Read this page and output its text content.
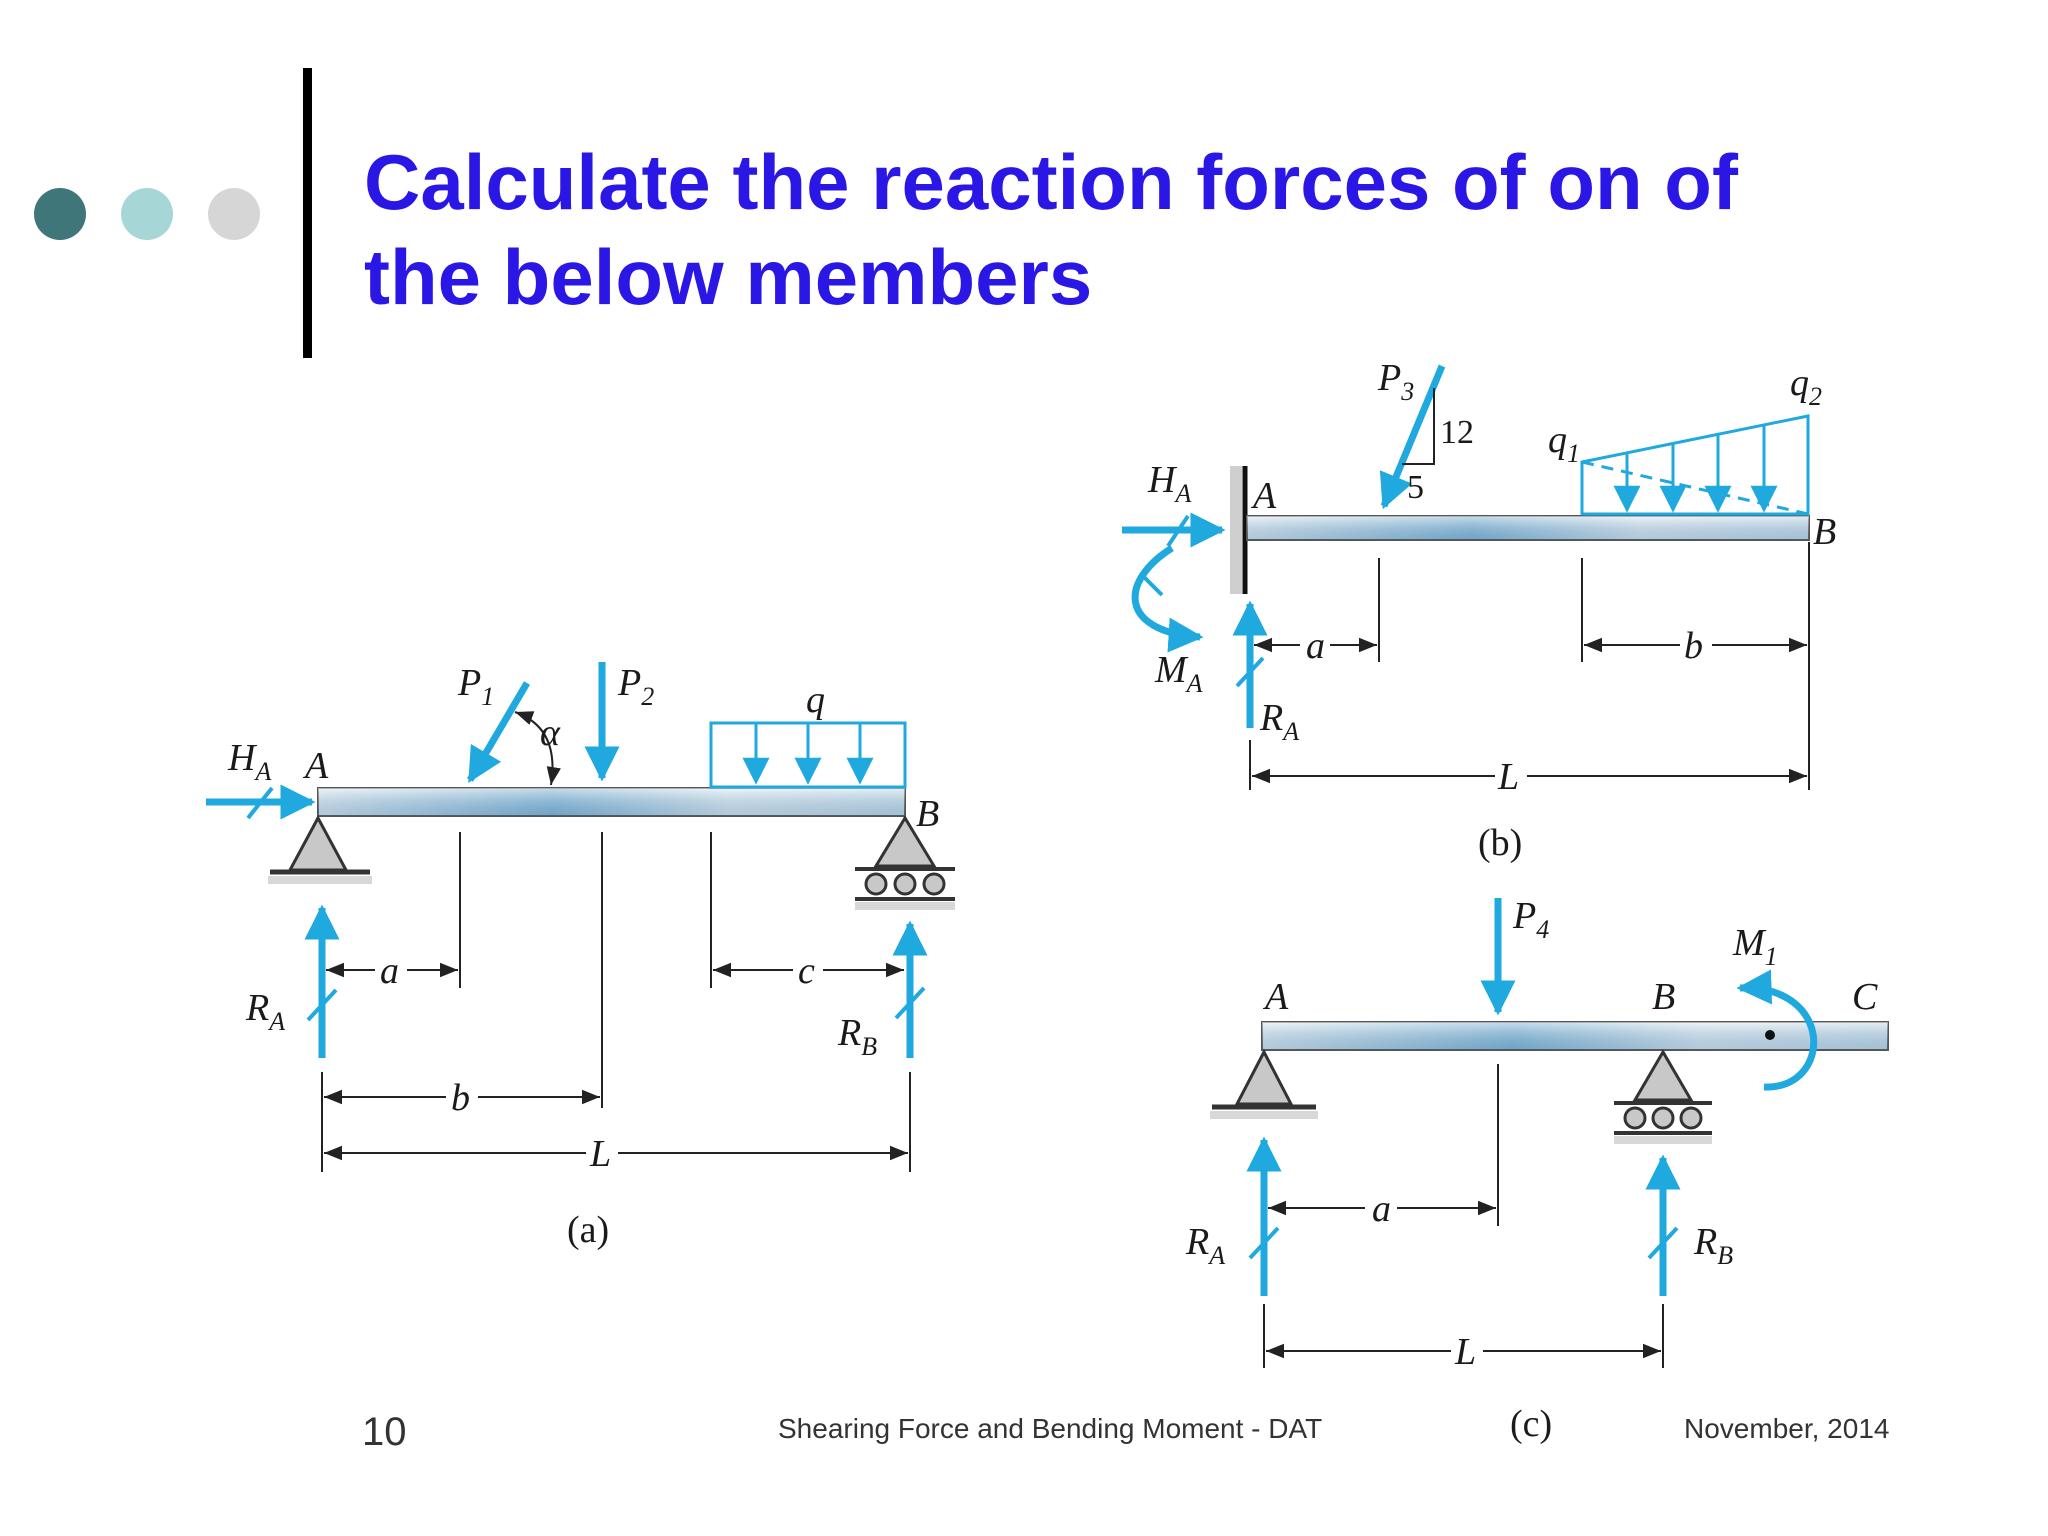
Calculate the reaction forces of on of
the below members
$H_A$ A
B
$P_1$	$P_2$
α
q
a	c
b
L
$R_A$	$R_B$
(a)
$H_A$ A
B
$M_A$
$R_A$
$P_3$
12
5
$q_1$
$q_2$
a	b
L
(b)
A	B	C
$P_4$	$M_1$
$R_A$	$R_B$
a
L
(c)
10	Shearing Force and Bending Moment - DAT	November, 2014
